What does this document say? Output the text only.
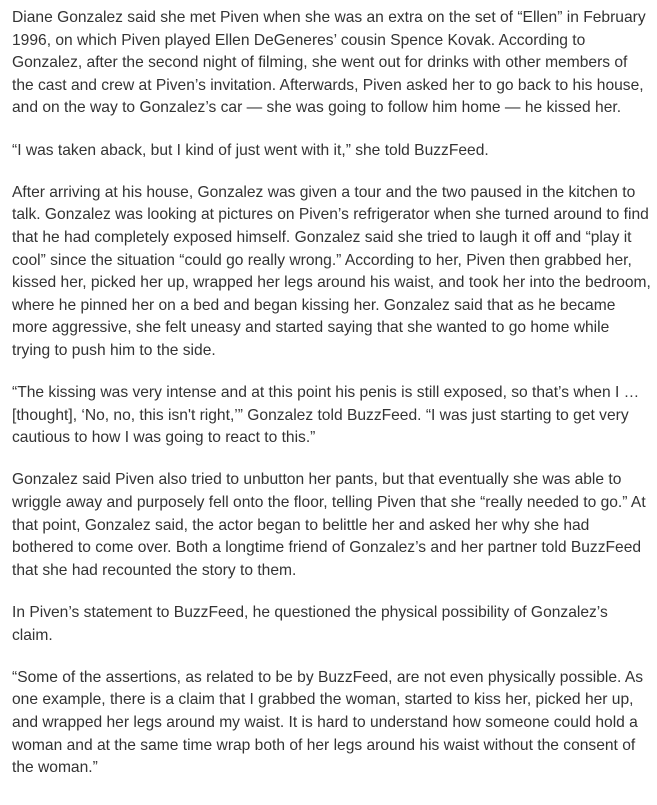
Diane Gonzalez said she met Piven when she was an extra on the set of “Ellen” in February 1996, on which Piven played Ellen DeGeneres’ cousin Spence Kovak. According to Gonzalez, after the second night of filming, she went out for drinks with other members of the cast and crew at Piven’s invitation. Afterwards, Piven asked her to go back to his house, and on the way to Gonzalez’s car — she was going to follow him home — he kissed her.

“I was taken aback, but I kind of just went with it,” she told BuzzFeed.

After arriving at his house, Gonzalez was given a tour and the two paused in the kitchen to talk. Gonzalez was looking at pictures on Piven’s refrigerator when she turned around to find that he had completely exposed himself. Gonzalez said she tried to laugh it off and “play it cool” since the situation “could go really wrong.” According to her, Piven then grabbed her, kissed her, picked her up, wrapped her legs around his waist, and took her into the bedroom, where he pinned her on a bed and began kissing her. Gonzalez said that as he became more aggressive, she felt uneasy and started saying that she wanted to go home while trying to push him to the side.

“The kissing was very intense and at this point his penis is still exposed, so that’s when I …[thought], ‘No, no, this isn't right,’” Gonzalez told BuzzFeed. “I was just starting to get very cautious to how I was going to react to this.”

Gonzalez said Piven also tried to unbutton her pants, but that eventually she was able to wriggle away and purposely fell onto the floor, telling Piven that she “really needed to go.” At that point, Gonzalez said, the actor began to belittle her and asked her why she had bothered to come over. Both a longtime friend of Gonzalez’s and her partner told BuzzFeed that she had recounted the story to them.

In Piven’s statement to BuzzFeed, he questioned the physical possibility of Gonzalez’s claim.

“Some of the assertions, as related to be by BuzzFeed, are not even physically possible. As one example, there is a claim that I grabbed the woman, started to kiss her, picked her up, and wrapped her legs around my waist. It is hard to understand how someone could hold a woman and at the same time wrap both of her legs around his waist without the consent of the woman.”
